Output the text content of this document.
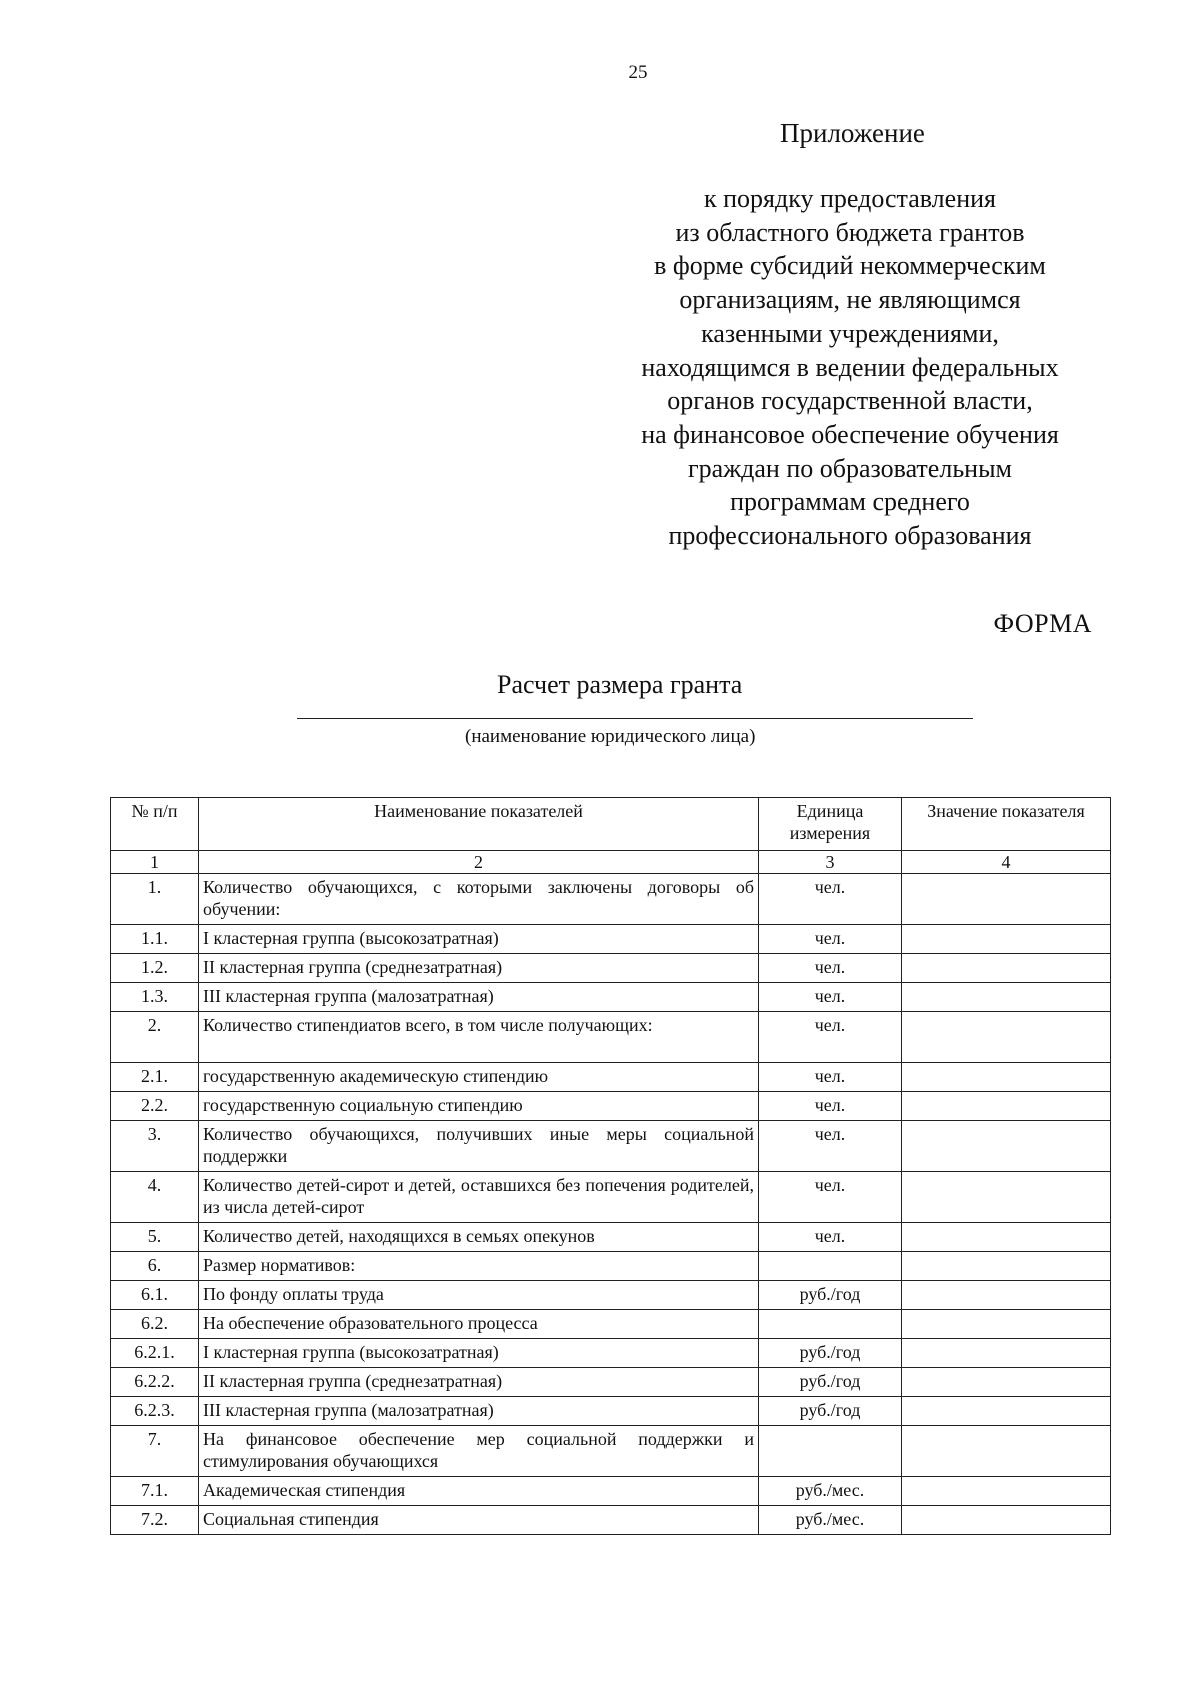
25
Приложение
к порядку предоставления
из областного бюджета грантов
в форме субсидий некоммерческим
организациям, не являющимся
казенными учреждениями,
находящимся в ведении федеральных
органов государственной власти,
на финансовое обеспечение обучения
граждан по образовательным
программам среднего
профессионального образования
ФОРМА
Расчет размера гранта
(наименование юридического лица)
№ п/п	Наименование показателей	Единица измерения	Значение показателя
1	2	3	4
1.	Количество обучающихся, с которыми заключены договоры об обучении:	чел.	
1.1.	I кластерная группа (высокозатратная)	чел.	
1.2.	II кластерная группа (среднезатратная)	чел.	
1.3.	III кластерная группа (малозатратная)	чел.	
2.	Количество стипендиатов всего, в том числе получающих:	чел.	
2.1.	государственную академическую стипендию	чел.	
2.2.	государственную социальную стипендию	чел.	
3.	Количество обучающихся, получивших иные меры социальной поддержки	чел.	
4.	Количество детей-сирот и детей, оставшихся без попечения родителей, из числа детей-сирот	чел.	
5.	Количество детей, находящихся в семьях опекунов	чел.	
6.	Размер нормативов:		
6.1.	По фонду оплаты труда	руб./год	
6.2.	На обеспечение образовательного процесса		
6.2.1.	I кластерная группа (высокозатратная)	руб./год	
6.2.2.	II кластерная группа (среднезатратная)	руб./год	
6.2.3.	III кластерная группа (малозатратная)	руб./год	
7.	На финансовое обеспечение мер социальной поддержки и стимулирования обучающихся		
7.1.	Академическая стипендия	руб./мес.	
7.2.	Социальная стипендия	руб./мес.	
